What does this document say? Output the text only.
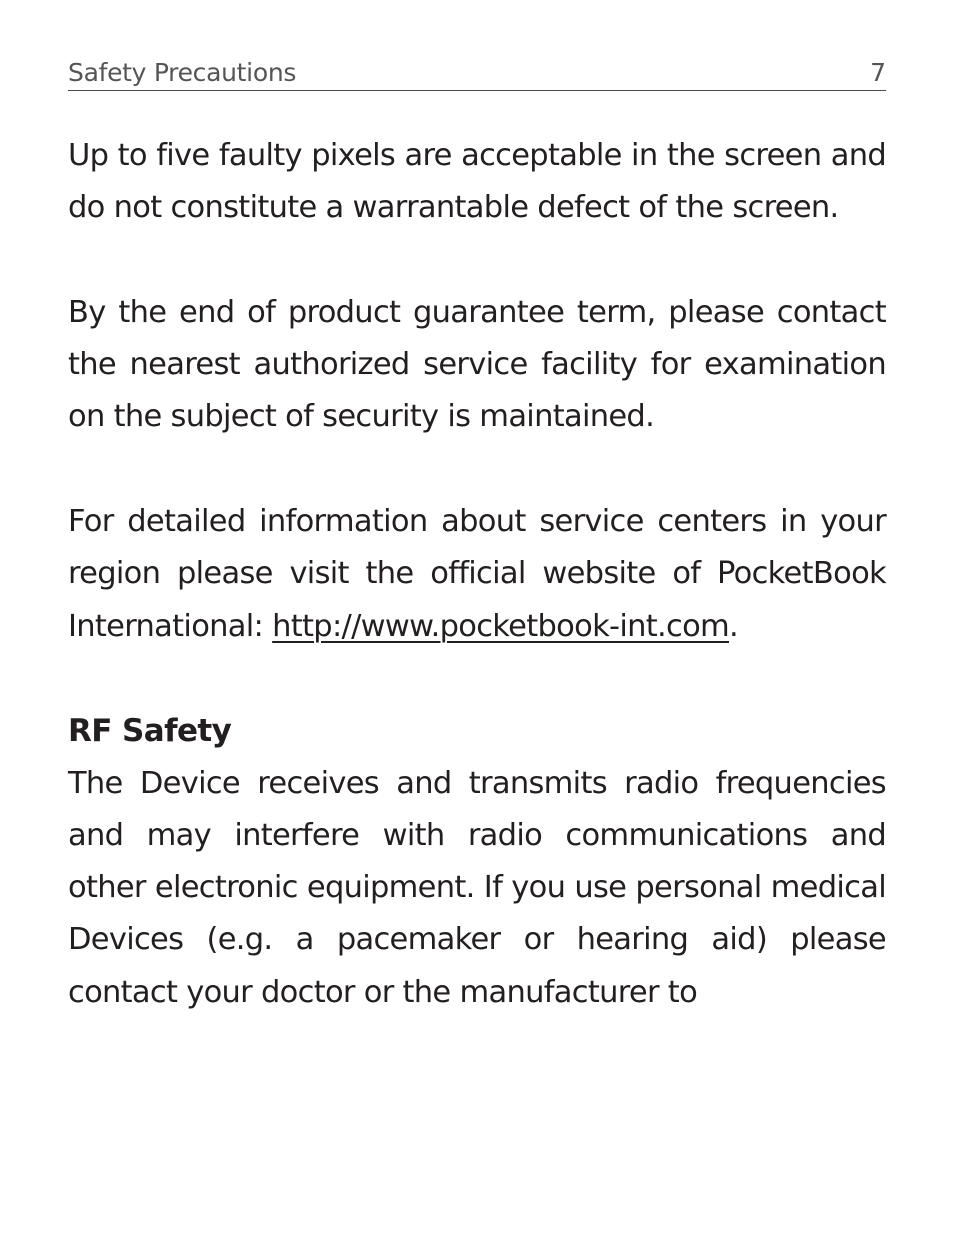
Safety Precautions	7

Up to five faulty pixels are acceptable in the screen and do not constitute a warrantable defect of the screen.

By the end of product guarantee term, please contact the nearest authorized service facility for examination on the subject of security is maintained.

For detailed information about service centers in your region please visit the official website of PocketBook International: http://www.pocketbook-int.​com.

RF Safety

The Device receives and transmits radio frequencies and may interfere with radio communications and other electronic equipment. If you use personal medical Devices (e.g. a pacemaker or hearing aid) please contact your doctor or the manufacturer to
